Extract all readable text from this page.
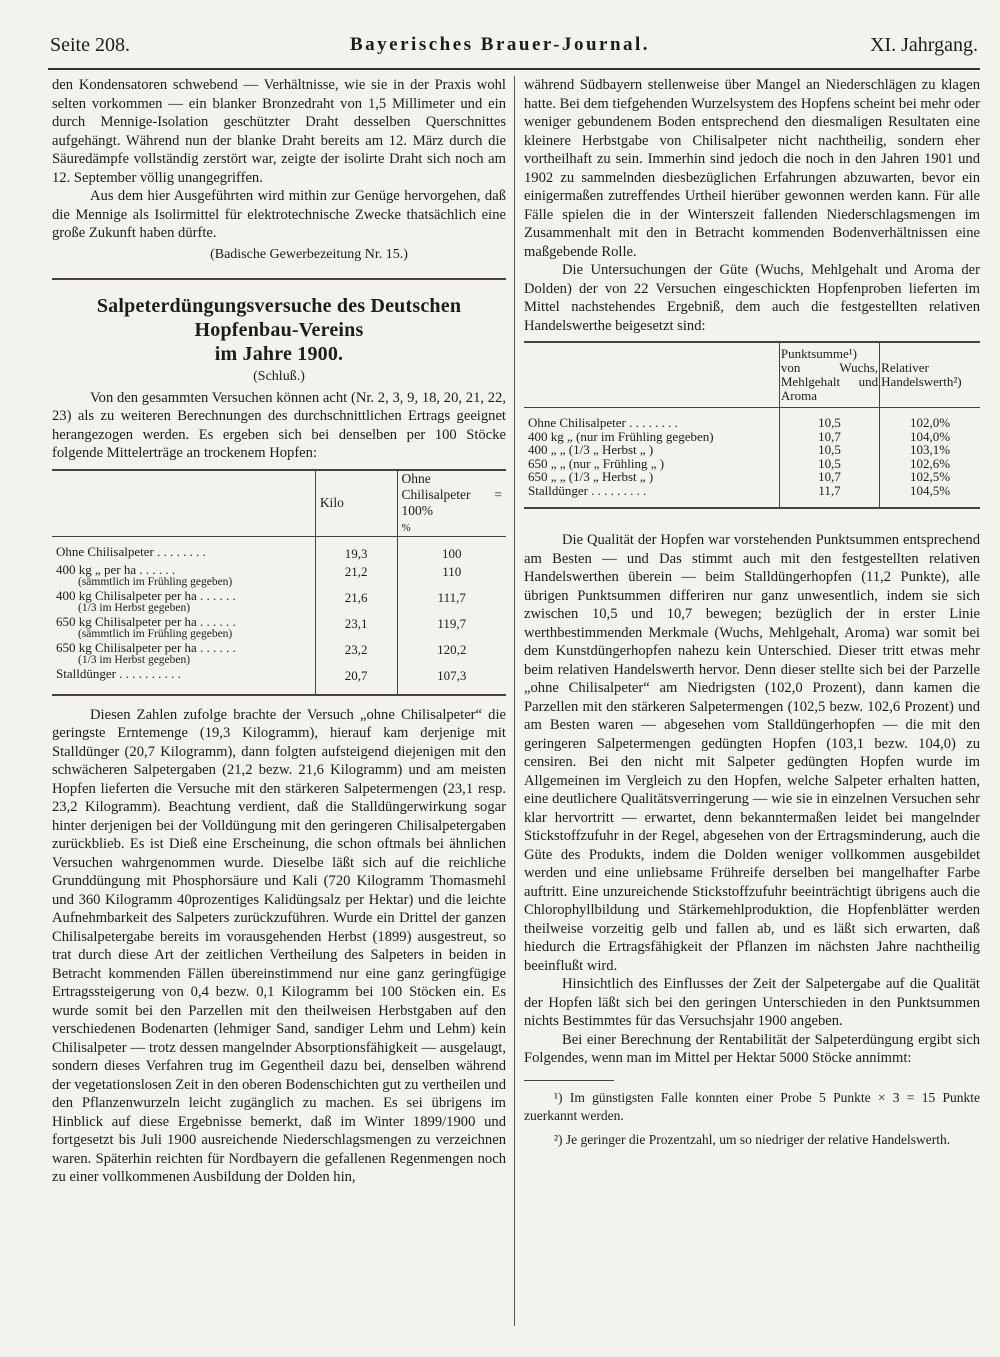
Seite 208.	Bayerisches Brauer-Journal.	XI. Jahrgang.

den Kondensatoren schwebend — Verhältnisse, wie sie in der Praxis wohl selten vorkommen — ein blanker Bronzedraht von 1,5 Millimeter und ein durch Mennige-Isolation geschützter Draht desselben Querschnittes aufgehängt. Während nun der blanke Draht bereits am 12. März durch die Säuredämpfe vollständig zerstört war, zeigte der isolirte Draht sich noch am 12. September völlig unangegriffen.

Aus dem hier Ausgeführten wird mithin zur Genüge hervorgehen, daß die Mennige als Isolirmittel für elektrotechnische Zwecke thatsächlich eine große Zukunft haben dürfte.

(Badische Gewerbezeitung Nr. 15.)
Salpeterdüngungsversuche des Deutschen Hopfenbau-Vereins
im Jahre 1900.
(Schluß.)

Von den gesammten Versuchen können acht (Nr. 2, 3, 9, 18, 20, 21, 22, 23) als zu weiteren Berechnungen des durchschnittlichen Ertrags geeignet herangezogen werden. Es ergeben sich bei denselben per 100 Stöcke folgende Mittelerträge an trockenem Hopfen:

	Kilo	Ohne Chilisalpeter = 100%
%
Ohne Chilisalpeter . . . . . . . .	19,3	100
400 kg „ per ha . . . . . .
(sämmtlich im Frühling gegeben)	21,2	110
400 kg Chilisalpeter per ha . . . . . .
(1/3 im Herbst gegeben)	21,6	111,7
650 kg Chilisalpeter per ha . . . . . .
(sämmtlich im Frühling gegeben)	23,1	119,7
650 kg Chilisalpeter per ha . . . . . .
(1/3 im Herbst gegeben)	23,2	120,2
Stalldünger . . . . . . . . . .	20,7	107,3

Diesen Zahlen zufolge brachte der Versuch „ohne Chilisalpeter“ die geringste Erntemenge (19,3 Kilogramm), hierauf kam derjenige mit Stalldünger (20,7 Kilogramm), dann folgten aufsteigend diejenigen mit den schwächeren Salpetergaben (21,2 bezw. 21,6 Kilogramm) und am meisten Hopfen lieferten die Versuche mit den stärkeren Salpetermengen (23,1 resp. 23,2 Kilogramm). Beachtung verdient, daß die Stalldüngerwirkung sogar hinter derjenigen bei der Volldüngung mit den geringeren Chilisalpetergaben zurückblieb. Es ist Dieß eine Erscheinung, die schon oftmals bei ähnlichen Versuchen wahrgenommen wurde. Dieselbe läßt sich auf die reichliche Grunddüngung mit Phosphorsäure und Kali (720 Kilogramm Thomasmehl und 360 Kilogramm 40prozentiges Kalidüngsalz per Hektar) und die leichte Aufnehmbarkeit des Salpeters zurückzuführen. Wurde ein Drittel der ganzen Chilisalpetergabe bereits im vorausgehenden Herbst (1899) ausgestreut, so trat durch diese Art der zeitlichen Vertheilung des Salpeters in beiden in Betracht kommenden Fällen übereinstimmend nur eine ganz geringfügige Ertragssteigerung von 0,4 bezw. 0,1 Kilogramm bei 100 Stöcken ein. Es wurde somit bei den Parzellen mit den theilweisen Herbstgaben auf den verschiedenen Bodenarten (lehmiger Sand, sandiger Lehm und Lehm) kein Chilisalpeter — trotz dessen mangelnder Absorptionsfähigkeit — ausgelaugt, sondern dieses Verfahren trug im Gegentheil dazu bei, denselben während der vegetationslosen Zeit in den oberen Bodenschichten gut zu vertheilen und den Pflanzenwurzeln leicht zugänglich zu machen. Es sei übrigens im Hinblick auf diese Ergebnisse bemerkt, daß im Winter 1899/1900 und fortgesetzt bis Juli 1900 ausreichende Niederschlagsmengen zu verzeichnen waren. Späterhin reichten für Nordbayern die gefallenen Regenmengen noch zu einer vollkommenen Ausbildung der Dolden hin,

während Südbayern stellenweise über Mangel an Niederschlägen zu klagen hatte. Bei dem tiefgehenden Wurzelsystem des Hopfens scheint bei mehr oder weniger gebundenem Boden entsprechend den diesmaligen Resultaten eine kleinere Herbstgabe von Chilisalpeter nicht nachtheilig, sondern eher vortheilhaft zu sein. Immerhin sind jedoch die noch in den Jahren 1901 und 1902 zu sammelnden diesbezüglichen Erfahrungen abzuwarten, bevor ein einigermaßen zutreffendes Urtheil hierüber gewonnen werden kann. Für alle Fälle spielen die in der Winterszeit fallenden Niederschlagsmengen im Zusammenhalt mit den in Betracht kommenden Bodenverhältnissen eine maßgebende Rolle.

Die Untersuchungen der Güte (Wuchs, Mehlgehalt und Aroma der Dolden) der von 22 Versuchen eingeschickten Hopfenproben lieferten im Mittel nachstehendes Ergebniß, dem auch die festgestellten relativen Handelswerthe beigesetzt sind:

	Punktsumme¹) von Wuchs, Mehlgehalt und Aroma	Relativer Handelswerth²)
Ohne Chilisalpeter . . . . . . . .	10,5	102,0%
400 kg „ (nur im Frühling gegeben)	10,7	104,0%
400 „ „ (1/3 „ Herbst „ )	10,5	103,1%
650 „ „ (nur „ Frühling „ )	10,5	102,6%
650 „ „ (1/3 „ Herbst „ )	10,7	102,5%
Stalldünger . . . . . . . . .	11,7	104,5%

Die Qualität der Hopfen war vorstehenden Punktsummen entsprechend am Besten — und Das stimmt auch mit den festgestellten relativen Handelswerthen überein — beim Stalldüngerhopfen (11,2 Punkte), alle übrigen Punktsummen differiren nur ganz unwesentlich, indem sie sich zwischen 10,5 und 10,7 bewegen; bezüglich der in erster Linie werthbestimmenden Merkmale (Wuchs, Mehlgehalt, Aroma) war somit bei dem Kunstdüngerhopfen nahezu kein Unterschied. Dieser tritt etwas mehr beim relativen Handelswerth hervor. Denn dieser stellte sich bei der Parzelle „ohne Chilisalpeter“ am Niedrigsten (102,0 Prozent), dann kamen die Parzellen mit den stärkeren Salpetermengen (102,5 bezw. 102,6 Prozent) und am Besten waren — abgesehen vom Stalldüngerhopfen — die mit den geringeren Salpetermengen gedüngten Hopfen (103,1 bezw. 104,0) zu censiren. Bei den nicht mit Salpeter gedüngten Hopfen wurde im Allgemeinen im Vergleich zu den Hopfen, welche Salpeter erhalten hatten, eine deutlichere Qualitätsverringerung — wie sie in einzelnen Versuchen sehr klar hervortritt — erwartet, denn bekanntermaßen leidet bei mangelnder Stickstoffzufuhr in der Regel, abgesehen von der Ertragsminderung, auch die Güte des Produkts, indem die Dolden weniger vollkommen ausgebildet werden und eine unliebsame Frühreife derselben bei mangelhafter Farbe auftritt. Eine unzureichende Stickstoffzufuhr beeinträchtigt übrigens auch die Chlorophyllbildung und Stärkemehlproduktion, die Hopfenblätter werden theilweise vorzeitig gelb und fallen ab, und es läßt sich erwarten, daß hiedurch die Ertragsfähigkeit der Pflanzen im nächsten Jahre nachtheilig beeinflußt wird.

Hinsichtlich des Einflusses der Zeit der Salpetergabe auf die Qualität der Hopfen läßt sich bei den geringen Unterschieden in den Punktsummen nichts Bestimmtes für das Versuchsjahr 1900 angeben.

Bei einer Berechnung der Rentabilität der Salpeterdüngung ergibt sich Folgendes, wenn man im Mittel per Hektar 5000 Stöcke annimmt:

¹) Im günstigsten Falle konnten einer Probe 5 Punkte × 3 = 15 Punkte zuerkannt werden.
²) Je geringer die Prozentzahl, um so niedriger der relative Handelswerth.
